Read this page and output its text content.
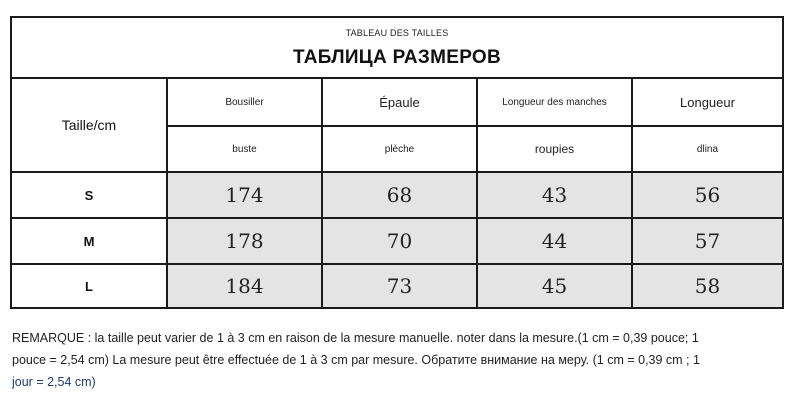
TABLEAU DES TAILLES
ТАБЛИЦА РАЗМЕРОВ
Taille/cm
Bousiller	Épaule	Longueur des manches	Longueur
buste	plèche	roupies	dlina
S	174	68	43	56
M	178	70	44	57
L	184	73	45	58
REMARQUE : la taille peut varier de 1 à 3 cm en raison de la mesure manuelle. noter dans la mesure.(1 cm = 0,39 pouce; 1
pouce = 2,54 cm) La mesure peut être effectuée de 1 à 3 cm par mesure. Обратите внимание на меру. (1 cm = 0,39 cm ; 1
jour = 2,54 cm)
